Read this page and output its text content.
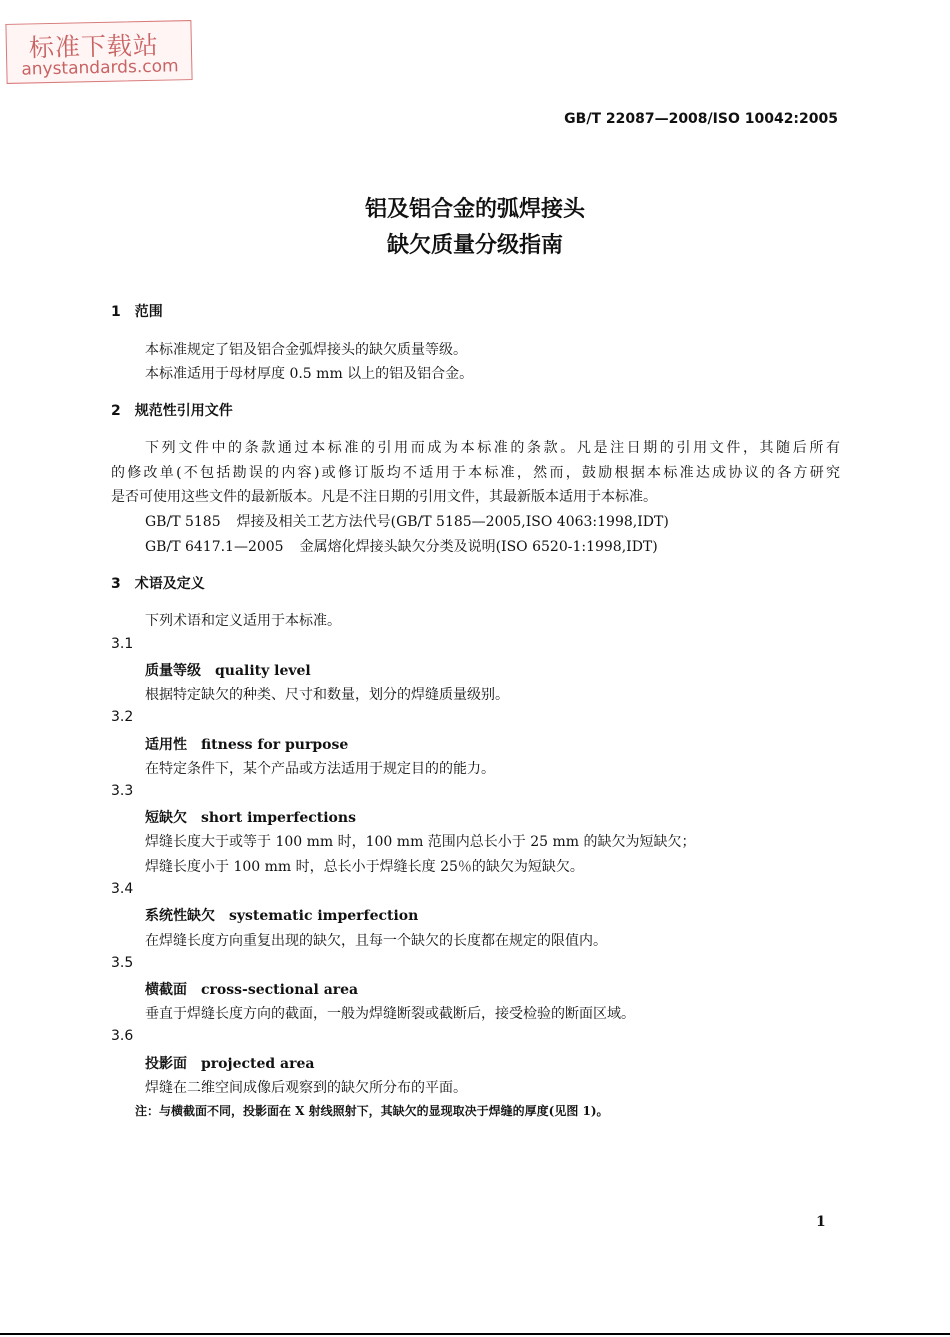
标准下载站
anystandards.com
GB/T 22087—2008/ISO 10042:2005
铝及铝合金的弧焊接头
缺欠质量分级指南
1 范围
本标准规定了铝及铝合金弧焊接头的缺欠质量等级。
本标准适用于母材厚度 0.5 mm 以上的铝及铝合金。
2 规范性引用文件
下列文件中的条款通过本标准的引用而成为本标准的条款。凡是注日期的引用文件，其随后所有
的修改单(不包括勘误的内容)或修订版均不适用于本标准，然而，鼓励根据本标准达成协议的各方研究
是否可使用这些文件的最新版本。凡是不注日期的引用文件，其最新版本适用于本标准。
GB/T 5185 焊接及相关工艺方法代号(GB/T 5185—2005,ISO 4063:1998,IDT)
GB/T 6417.1—2005 金属熔化焊接头缺欠分类及说明(ISO 6520-1:1998,IDT)
3 术语及定义
下列术语和定义适用于本标准。
3.1
质量等级 quality level
根据特定缺欠的种类、尺寸和数量，划分的焊缝质量级别。
3.2
适用性 fitness for purpose
在特定条件下，某个产品或方法适用于规定目的的能力。
3.3
短缺欠 short imperfections
焊缝长度大于或等于 100 mm 时，100 mm 范围内总长小于 25 mm 的缺欠为短缺欠；
焊缝长度小于 100 mm 时，总长小于焊缝长度 25％的缺欠为短缺欠。
3.4
系统性缺欠 systematic imperfection
在焊缝长度方向重复出现的缺欠，且每一个缺欠的长度都在规定的限值内。
3.5
横截面 cross-sectional area
垂直于焊缝长度方向的截面，一般为焊缝断裂或截断后，接受检验的断面区域。
3.6
投影面 projected area
焊缝在二维空间成像后观察到的缺欠所分布的平面。
注：与横截面不同，投影面在 X 射线照射下，其缺欠的显现取决于焊缝的厚度(见图 1)。
1
